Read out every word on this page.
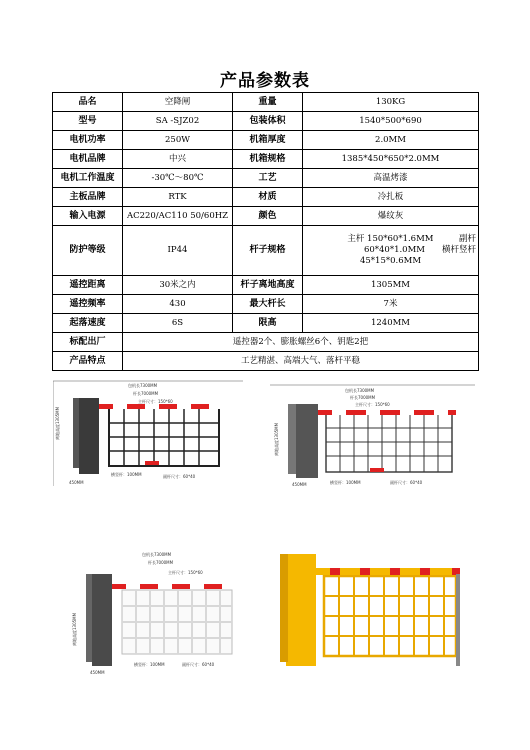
产品参数表
品名	空降闸	重量	130KG
型号	SA -SJZ02	包装体积	1540*500*690
电机功率	250W	机箱厚度	2.0MM
电机品牌	中兴	机箱规格	1385*450*650*2.0MM
电机工作温度	-30℃～80℃	工艺	高温烤漆
主板品牌	RTK	材质	冷扎板
输入电源	AC220/AC110 50/60HZ	颜色	爆纹灰
防护等级	IP44	杆子规格	主杆 150*60*1.6MM　　　副杆
60*40*1.0MM　　横杆竖杆
45*15*0.6MM

遥控距离	30米之内	杆子离地高度	1305MM
遥控频率	430	最大杆长	7米
起落速度	6S	限高	1240MM
标配出厂	遥控器2个、膨胀螺丝6个、钥匙2把		
产品特点	工艺精湛、高端大气、落杆平稳		
包机长7300MM
杆长7000MM
主杆尺寸：150*60
离地高度1305MM
450MM
横竖杆：100MM	副杆尺寸：60*40
包机长7300MM
杆长7000MM
主杆尺寸：150*60
离地高度1305MM
450MM	横竖杆：100MM	副杆尺寸：60*40
包机长7300MM
杆长7000MM
主杆尺寸：150*60
离地高度1305MM
450MM
横竖杆：100MM	副杆尺寸：60*40
